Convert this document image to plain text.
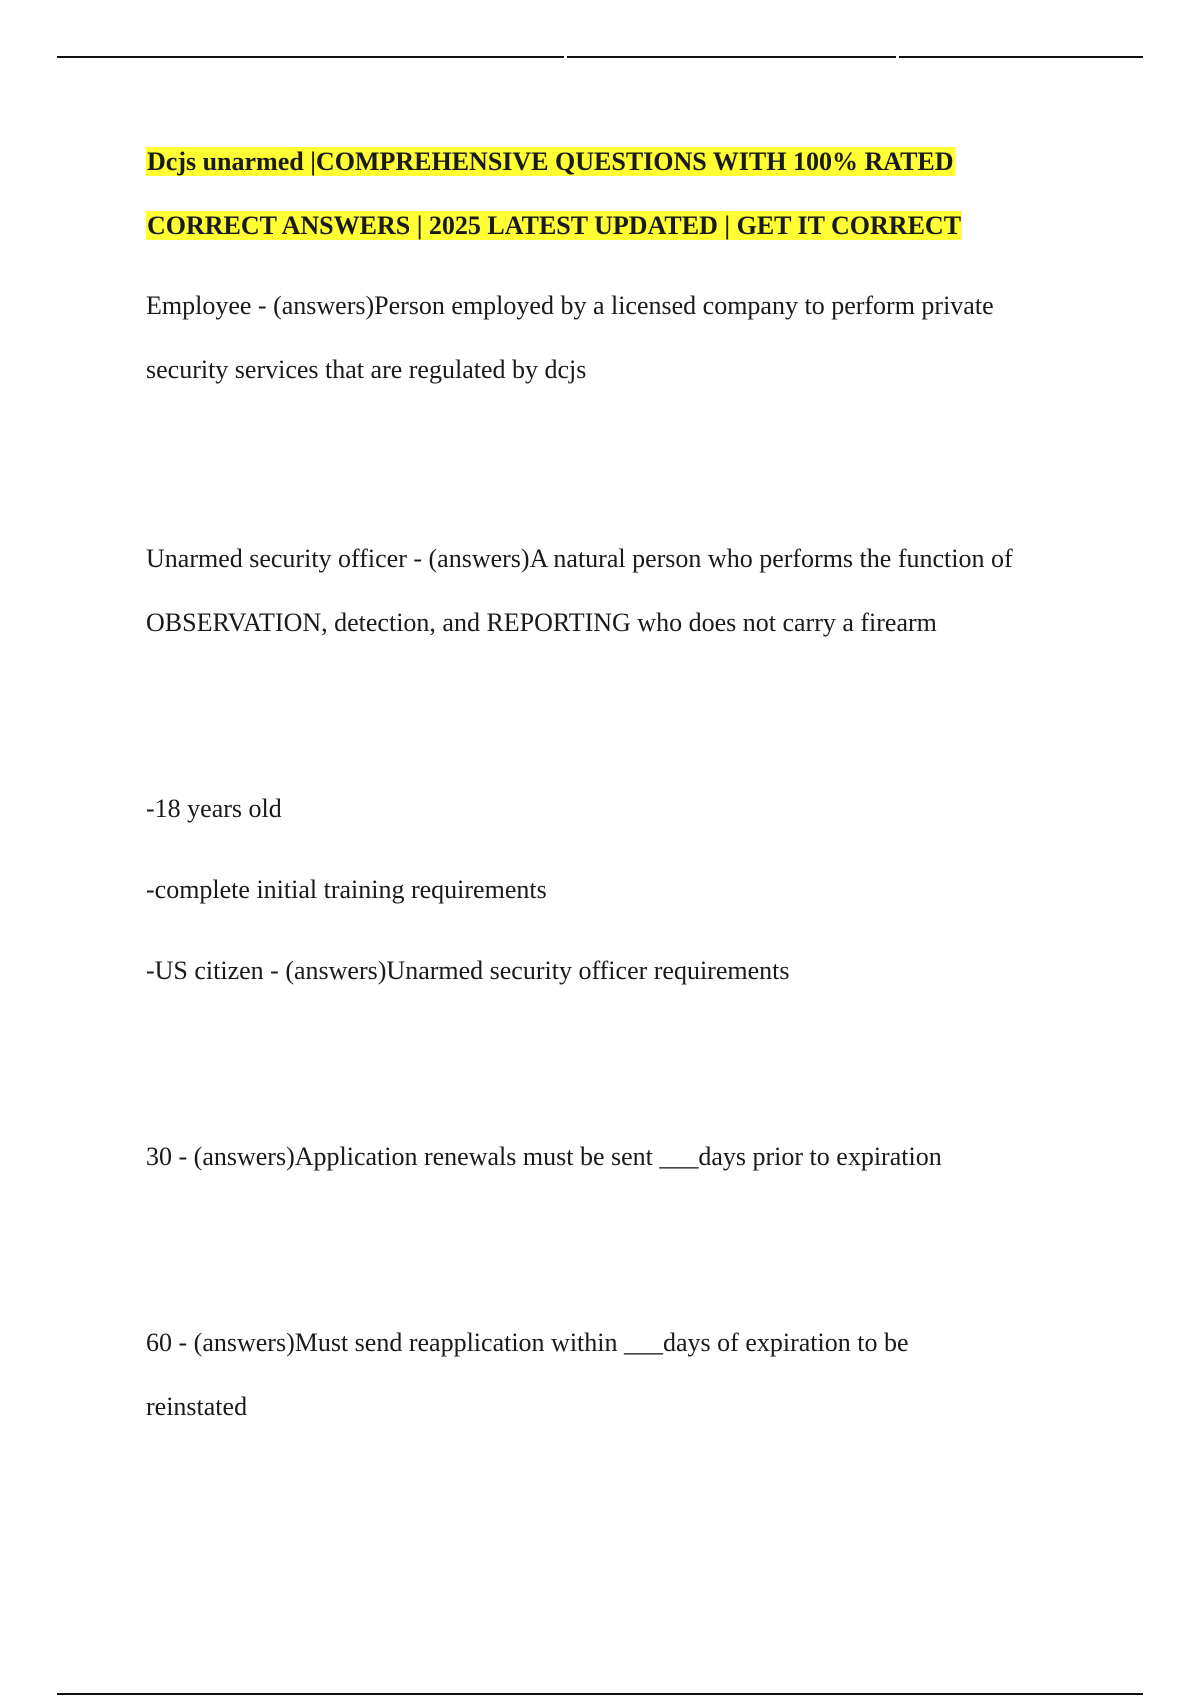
Dcjs unarmed |COMPREHENSIVE QUESTIONS WITH 100% RATED
CORRECT ANSWERS | 2025 LATEST UPDATED | GET IT CORRECT
Employee - (answers)Person employed by a licensed company to perform private
security services that are regulated by dcjs
Unarmed security officer - (answers)A natural person who performs the function of
OBSERVATION, detection, and REPORTING who does not carry a firearm
-18 years old
-complete initial training requirements
-US citizen - (answers)Unarmed security officer requirements
30 - (answers)Application renewals must be sent ___days prior to expiration
60 - (answers)Must send reapplication within ___days of expiration to be
reinstated
